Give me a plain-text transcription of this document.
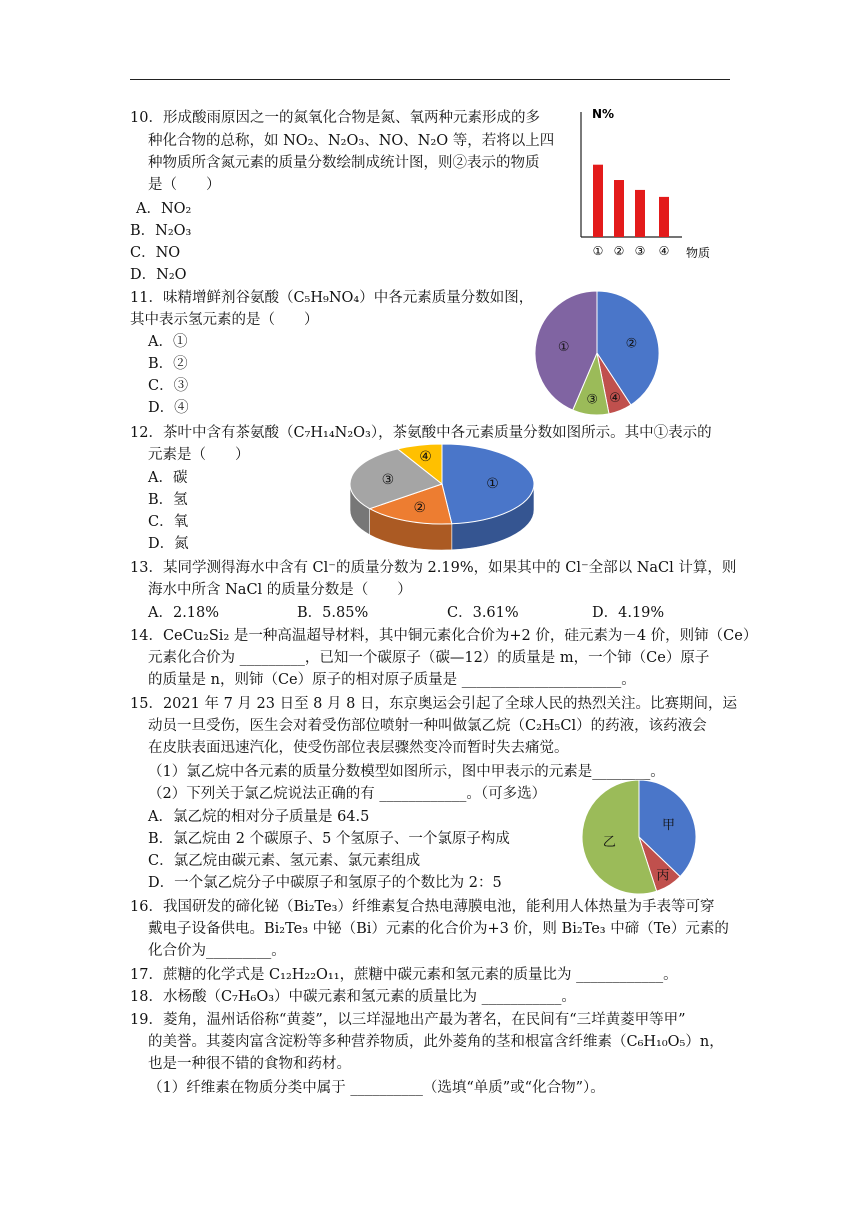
10．形成酸雨原因之一的氮氧化合物是氮、氧两种元素形成的多
种化合物的总称，如 NO₂、N₂O₃、NO、N₂O 等，若将以上四
种物质所含氮元素的质量分数绘制成统计图，则②表示的物质
是（　　）
A．NO₂
B．N₂O₃
C．NO
D．N₂O
N%
① ② ③ ④ 物质
11．味精增鲜剂谷氨酸（C₅H₉NO₄）中各元素质量分数如图，
其中表示氢元素的是（　　）
A．①
B．②
C．③
D．④
②
④
③
①
12．茶叶中含有茶氨酸（C₇H₁₄N₂O₃），茶氨酸中各元素质量分数如图所示。其中①表示的
元素是（　　）
A．碳
B．氢
C．氧
D．氮
①
②
③
④
13．某同学测得海水中含有 Cl⁻的质量分数为 2.19%，如果其中的 Cl⁻全部以 NaCl 计算，则
海水中所含 NaCl 的质量分数是（　　）
A．2.18%	B．5.85%	C．3.61%	D．4.19%
14．CeCu₂Si₂ 是一种高温超导材料，其中铜元素化合价为+2 价，硅元素为－4 价，则铈（Ce）
元素化合价为 _________，已知一个碳原子（碳—12）的质量是 m，一个铈（Ce）原子
的质量是 n，则铈（Ce）原子的相对原子质量是 ______________________。
15．2021 年 7 月 23 日至 8 月 8 日，东京奥运会引起了全球人民的热烈关注。比赛期间，运
动员一旦受伤，医生会对着受伤部位喷射一种叫做氯乙烷（C₂H₅Cl）的药液，该药液会
在皮肤表面迅速汽化，使受伤部位表层骤然变冷而暂时失去痛觉。
（1）氯乙烷中各元素的质量分数模型如图所示，图中甲表示的元素是________。
（2）下列关于氯乙烷说法正确的有 ____________。（可多选）
A．氯乙烷的相对分子质量是 64.5
B．氯乙烷由 2 个碳原子、5 个氢原子、一个氯原子构成
C．氯乙烷由碳元素、氢元素、氯元素组成
D．一个氯乙烷分子中碳原子和氢原子的个数比为 2：5
甲
丙
乙
16．我国研发的碲化铋（Bi₂Te₃）纤维素复合热电薄膜电池，能利用人体热量为手表等可穿
戴电子设备供电。Bi₂Te₃ 中铋（Bi）元素的化合价为+3 价，则 Bi₂Te₃ 中碲（Te）元素的
化合价为_________。
17．蔗糖的化学式是 C₁₂H₂₂O₁₁，蔗糖中碳元素和氢元素的质量比为 ____________。
18．水杨酸（C₇H₆O₃）中碳元素和氢元素的质量比为 ___________。
19．菱角，温州话俗称“黄菱”，以三垟湿地出产最为著名，在民间有“三垟黄菱甲等甲”
的美誉。其菱肉富含淀粉等多种营养物质，此外菱角的茎和根富含纤维素（C₆H₁₀O₅）n，
也是一种很不错的食物和药材。
（1）纤维素在物质分类中属于 __________（选填“单质”或“化合物”）。
